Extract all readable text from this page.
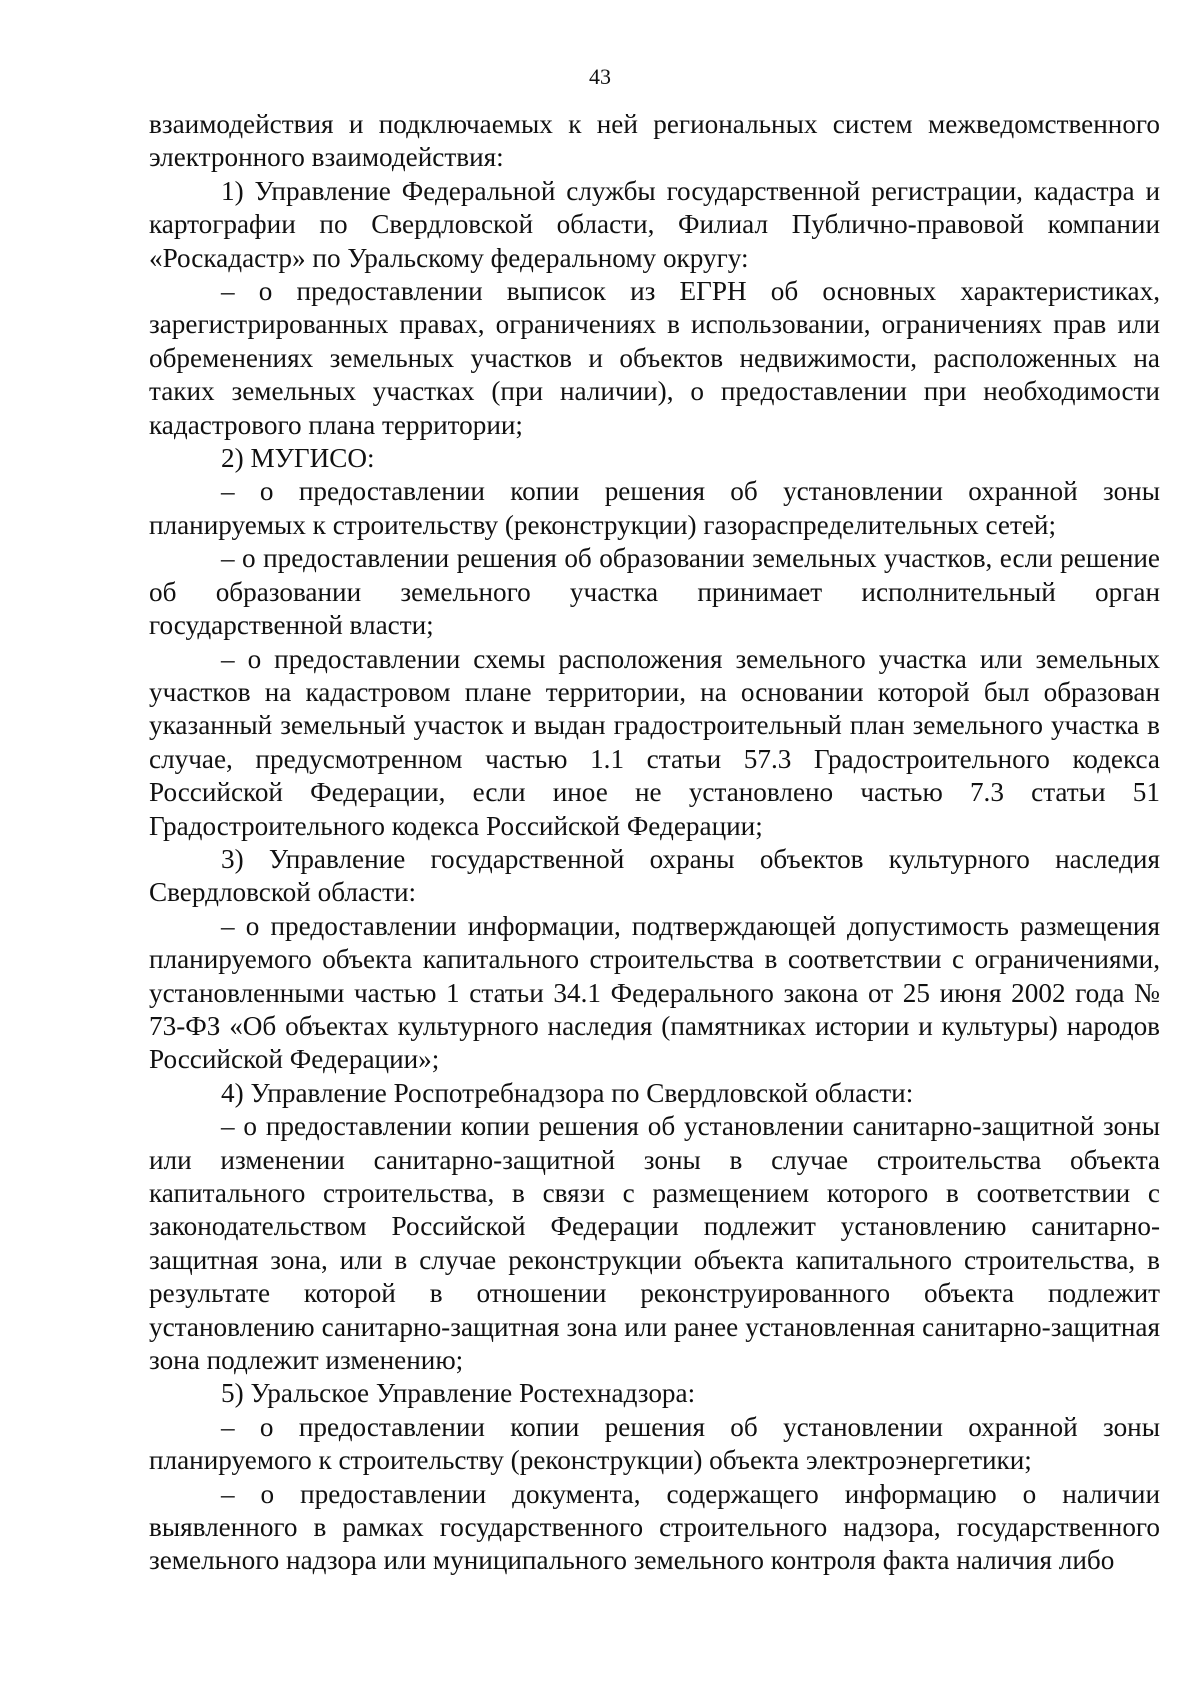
43

взаимодействия и подключаемых к ней региональных систем межведомственного электронного взаимодействия:

1) Управление Федеральной службы государственной регистрации, кадастра и картографии по Свердловской области, Филиал Публично-правовой компании «Роскадастр» по Уральскому федеральному округу:

– о предоставлении выписок из ЕГРН об основных характеристиках, зарегистрированных правах, ограничениях в использовании, ограничениях прав или обременениях земельных участков и объектов недвижимости, расположенных на таких земельных участках (при наличии), о предоставлении при необходимости кадастрового плана территории;

2) МУГИСО:

– о предоставлении копии решения об установлении охранной зоны планируемых к строительству (реконструкции) газораспределительных сетей;

– о предоставлении решения об образовании земельных участков, если решение об образовании земельного участка принимает исполнительный орган государственной власти;

– о предоставлении схемы расположения земельного участка или земельных участков на кадастровом плане территории, на основании которой был образован указанный земельный участок и выдан градостроительный план земельного участка в случае, предусмотренном частью 1.1 статьи 57.3 Градостроительного кодекса Российской Федерации, если иное не установлено частью 7.3 статьи 51 Градостроительного кодекса Российской Федерации;

3) Управление государственной охраны объектов культурного наследия Свердловской области:

– о предоставлении информации, подтверждающей допустимость размещения планируемого объекта капитального строительства в соответствии с ограничениями, установленными частью 1 статьи 34.1 Федерального закона от 25 июня 2002 года № 73-ФЗ «Об объектах культурного наследия (памятниках истории и культуры) народов Российской Федерации»;

4) Управление Роспотребнадзора по Свердловской области:

– о предоставлении копии решения об установлении санитарно-защитной зоны или изменении санитарно-защитной зоны в случае строительства объекта капитального строительства, в связи с размещением которого в соответствии с законодательством Российской Федерации подлежит установлению санитарно-защитная зона, или в случае реконструкции объекта капитального строительства, в результате которой в отношении реконструированного объекта подлежит установлению санитарно-защитная зона или ранее установленная санитарно-защитная зона подлежит изменению;

5) Уральское Управление Ростехнадзора:

– о предоставлении копии решения об установлении охранной зоны планируемого к строительству (реконструкции) объекта электроэнергетики;

– о предоставлении документа, содержащего информацию о наличии выявленного в рамках государственного строительного надзора, государственного земельного надзора или муниципального земельного контроля факта наличия либо
